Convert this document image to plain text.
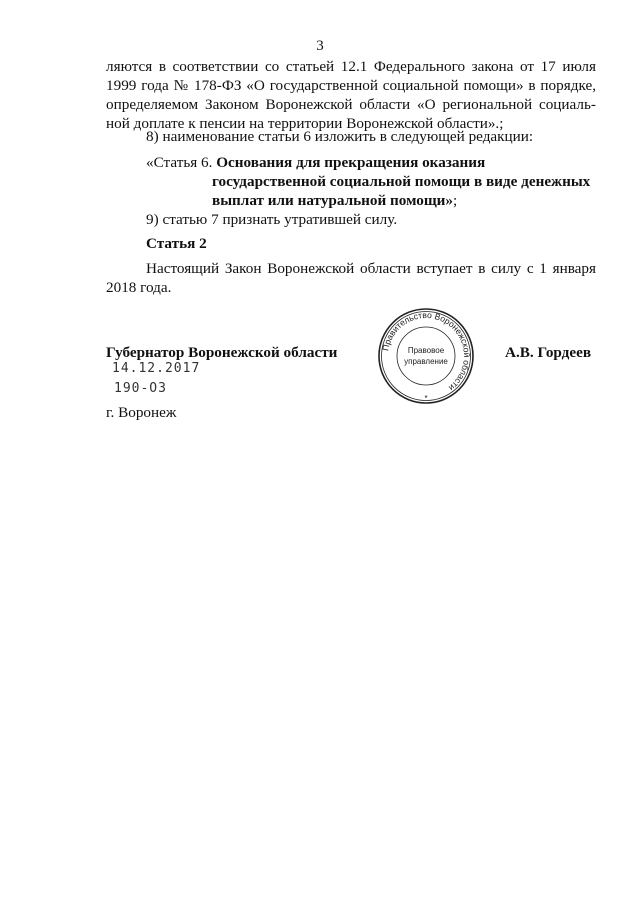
3
ляются в соответствии со статьей 12.1 Федерального закона от 17 июля
1999 года № 178-ФЗ «О государственной социальной помощи» в порядке,
определяемом Законом Воронежской области «О региональной социаль-
ной доплате к пенсии на территории Воронежской области».;
8) наименование статьи 6 изложить в следующей редакции:
«Статья 6. Основания для прекращения оказания
государственной социальной помощи в виде денежных
выплат или натуральной помощи»;
9) статью 7 признать утратившей силу.
Статья 2
Настоящий Закон Воронежской области вступает в силу с 1 января
2018 года.
Губернатор Воронежской области	Правительство Воронежской области
Правовое
управление
*
А.В. Гордеев
14.12.2017
190-ОЗ
г. Воронеж
